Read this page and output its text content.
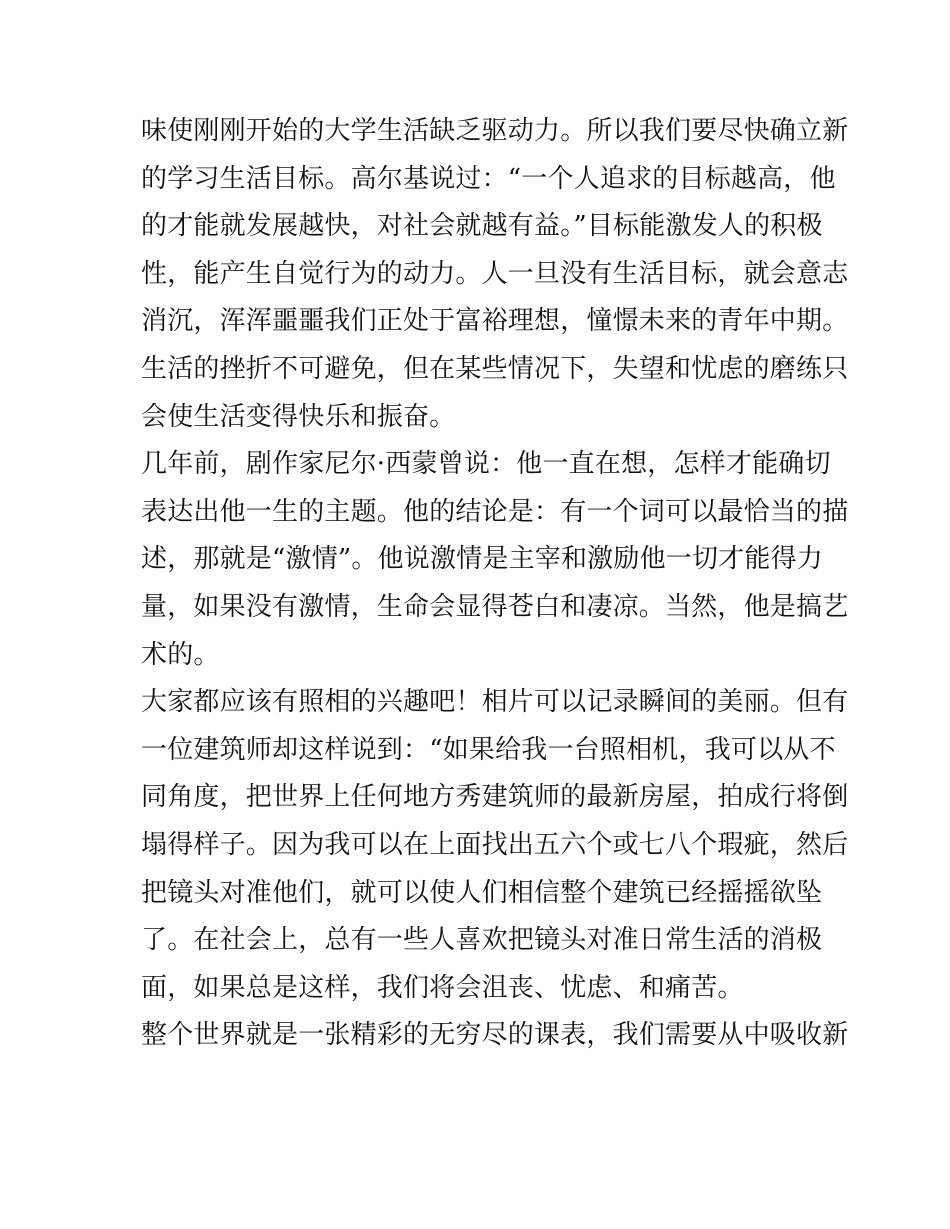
味使刚刚开始的大学生活缺乏驱动力。所以我们要尽快确立新
的学习生活目标。高尔基说过：“一个人追求的目标越高，他
的才能就发展越快，对社会就越有益。”目标能激发人的积极
性，能产生自觉行为的动力。人一旦没有生活目标，就会意志
消沉，浑浑噩噩我们正处于富裕理想，憧憬未来的青年中期。
生活的挫折不可避免，但在某些情况下，失望和忧虑的磨练只
会使生活变得快乐和振奋。
几年前，剧作家尼尔·西蒙曾说：他一直在想，怎样才能确切
表达出他一生的主题。他的结论是：有一个词可以最恰当的描
述，那就是“激情”。他说激情是主宰和激励他一切才能得力
量，如果没有激情，生命会显得苍白和凄凉。当然，他是搞艺
术的。
大家都应该有照相的兴趣吧！相片可以记录瞬间的美丽。但有
一位建筑师却这样说到：“如果给我一台照相机，我可以从不
同角度，把世界上任何地方秀建筑师的最新房屋，拍成行将倒
塌得样子。因为我可以在上面找出五六个或七八个瑕疵，然后
把镜头对准他们，就可以使人们相信整个建筑已经摇摇欲坠
了。在社会上，总有一些人喜欢把镜头对准日常生活的消极
面，如果总是这样，我们将会沮丧、忧虑、和痛苦。
整个世界就是一张精彩的无穷尽的课表，我们需要从中吸收新
